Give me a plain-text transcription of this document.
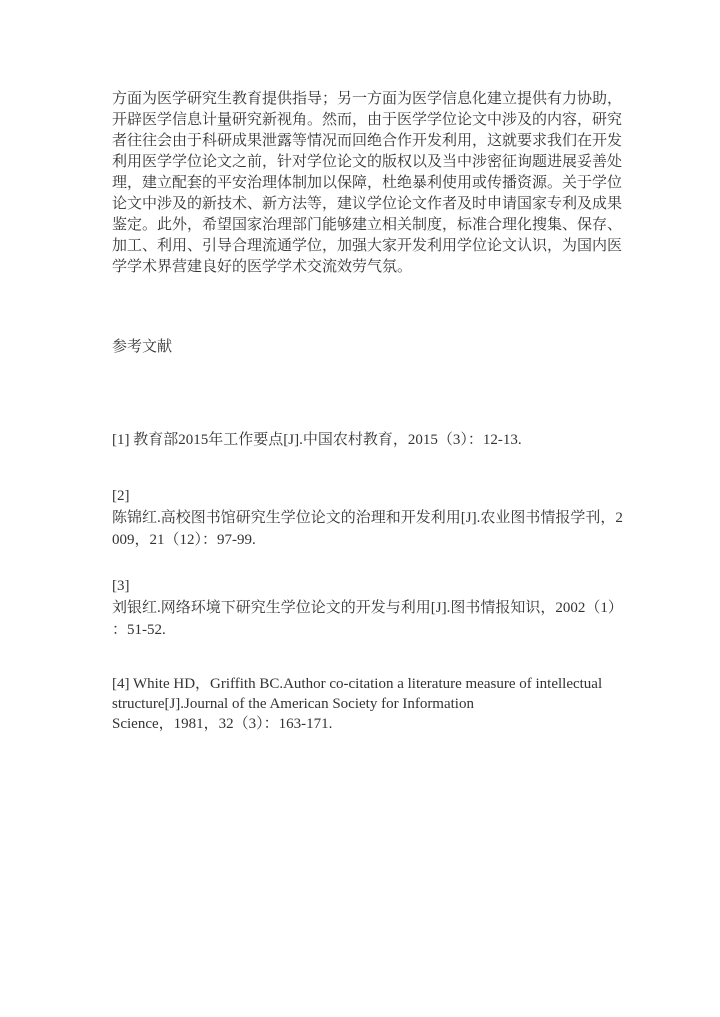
方面为医学研究生教育提供指导；另一方面为医学信息化建立提供有力协助，
开辟医学信息计量研究新视角。然而，由于医学学位论文中涉及的内容，研究
者往往会由于科研成果泄露等情况而回绝合作开发利用，这就要求我们在开发
利用医学学位论文之前，针对学位论文的版权以及当中涉密征询题进展妥善处
理，建立配套的平安治理体制加以保障，杜绝暴利使用或传播资源。关于学位
论文中涉及的新技术、新方法等，建议学位论文作者及时申请国家专利及成果
鉴定。此外，希望国家治理部门能够建立相关制度，标准合理化搜集、保存、
加工、利用、引导合理流通学位，加强大家开发利用学位论文认识，为国内医
学学术界营建良好的医学学术交流效劳气氛。
参考文献
[1] 教育部2015年工作要点[J].中国农村教育，2015（3）：12-13.
[2]
陈锦红.高校图书馆研究生学位论文的治理和开发利用[J].农业图书情报学刊，2
009，21（12）：97-99.
[3]
刘银红.网络环境下研究生学位论文的开发与利用[J].图书情报知识，2002（1）
：51-52.
[4] White HD，Griffith BC.Author co-citation a literature measure of intellectual
structure[J].Journal of the American Society for Information
Science，1981，32（3）：163-171.
